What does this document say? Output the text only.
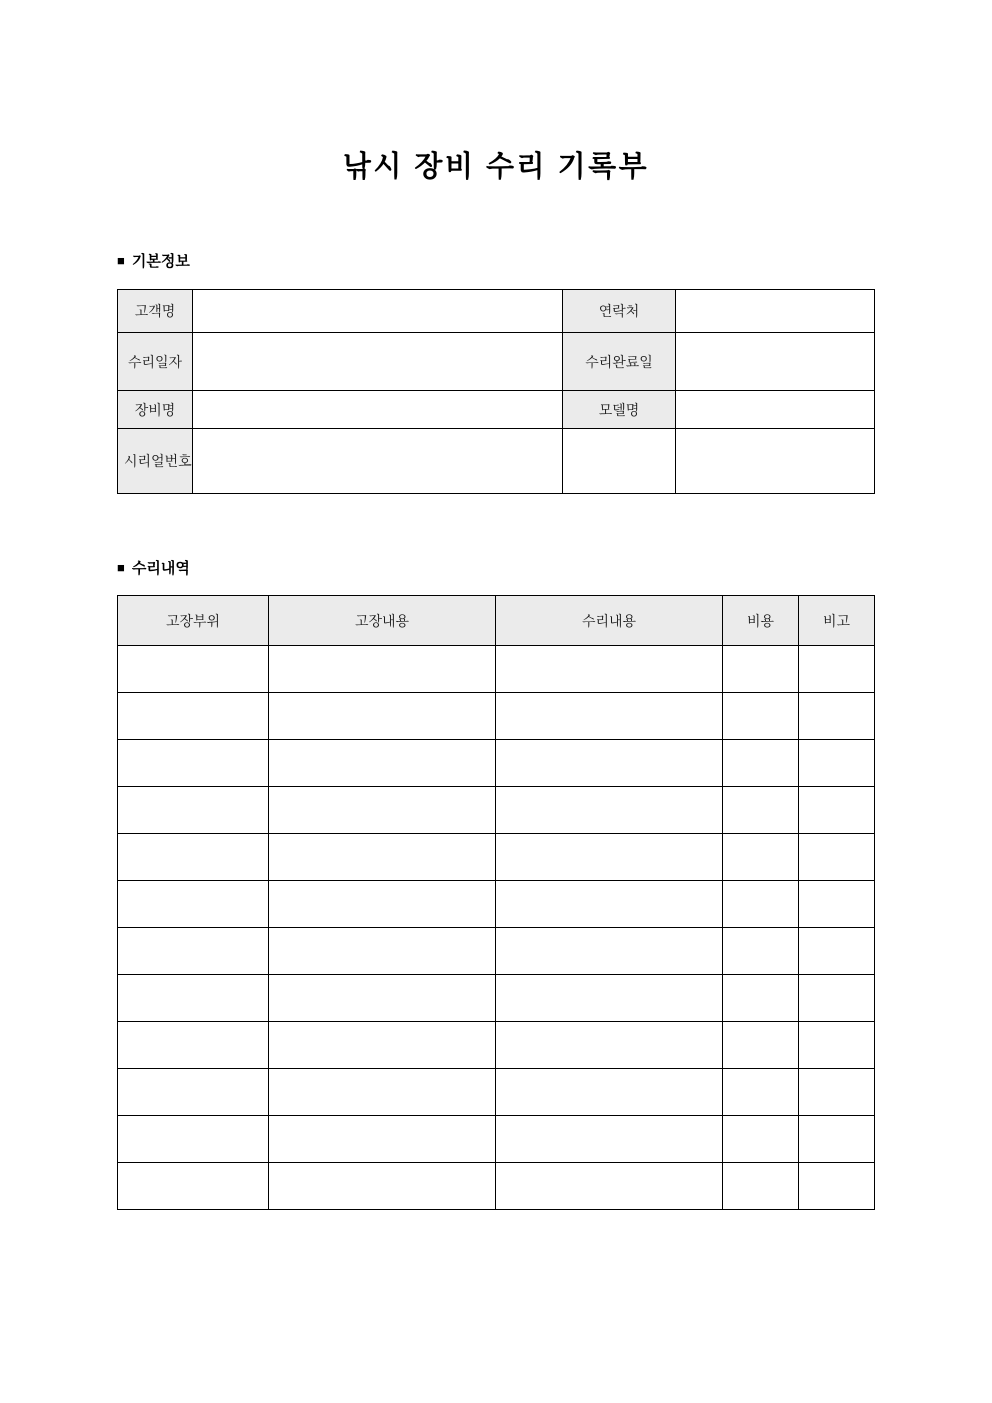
낚시 장비 수리 기록부
■ 기본정보
고객명		연락처	

수리일자		수리완료일	

장비명		모델명	

시리얼번호			

■ 수리내역
고장부위	고장내용	수리내용	비용	비고
